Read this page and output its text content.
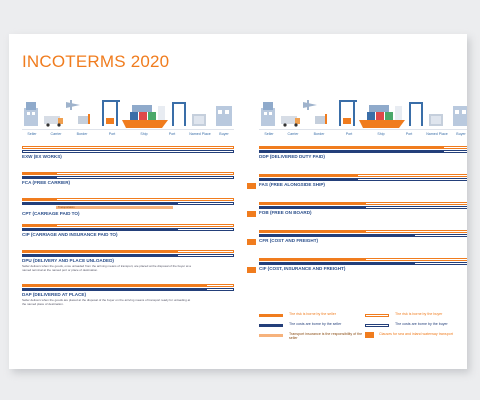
INCOTERMS 2020
Seller	Carrier	Border	Port	Ship	Port	Named Place Buyer
EXW (EX WORKS)
FCA (FREE CARRIER)
Transportation
CPT (CARRIAGE PAID TO)
CIP (CARRIAGE AND INSURANCE PAID TO)
DPU (DELIVERY AND PLACE UNLOADED)
Seller delivers when the goods, once unloaded from the arriving means of transport, are placed at the disposal of the buyer at a named terminal at the named port or place of destination.
DAP (DELIVERED AT PLACE)
Seller delivers when the goods are placed at the disposal of the buyer on the arriving means of transport ready for unloading at the named place of destination.
Seller	Carrier	Border	Port	Ship	Port	Named Place Buyer
DDP (DELIVERED DUTY PAID)
FAS (FREE ALONGSIDE SHIP)
FOB (FREE ON BOARD)
CFR (COST AND FREIGHT)
CIF (COST, INSURANCE AND FREIGHT)
The risk is borne by the seller
The costs are borne by the seller
Transport insurance is the responsibility of the seller
The risk is borne by the buyer
The costs are borne by the buyer
Clauses for sea and inland waterway transport
